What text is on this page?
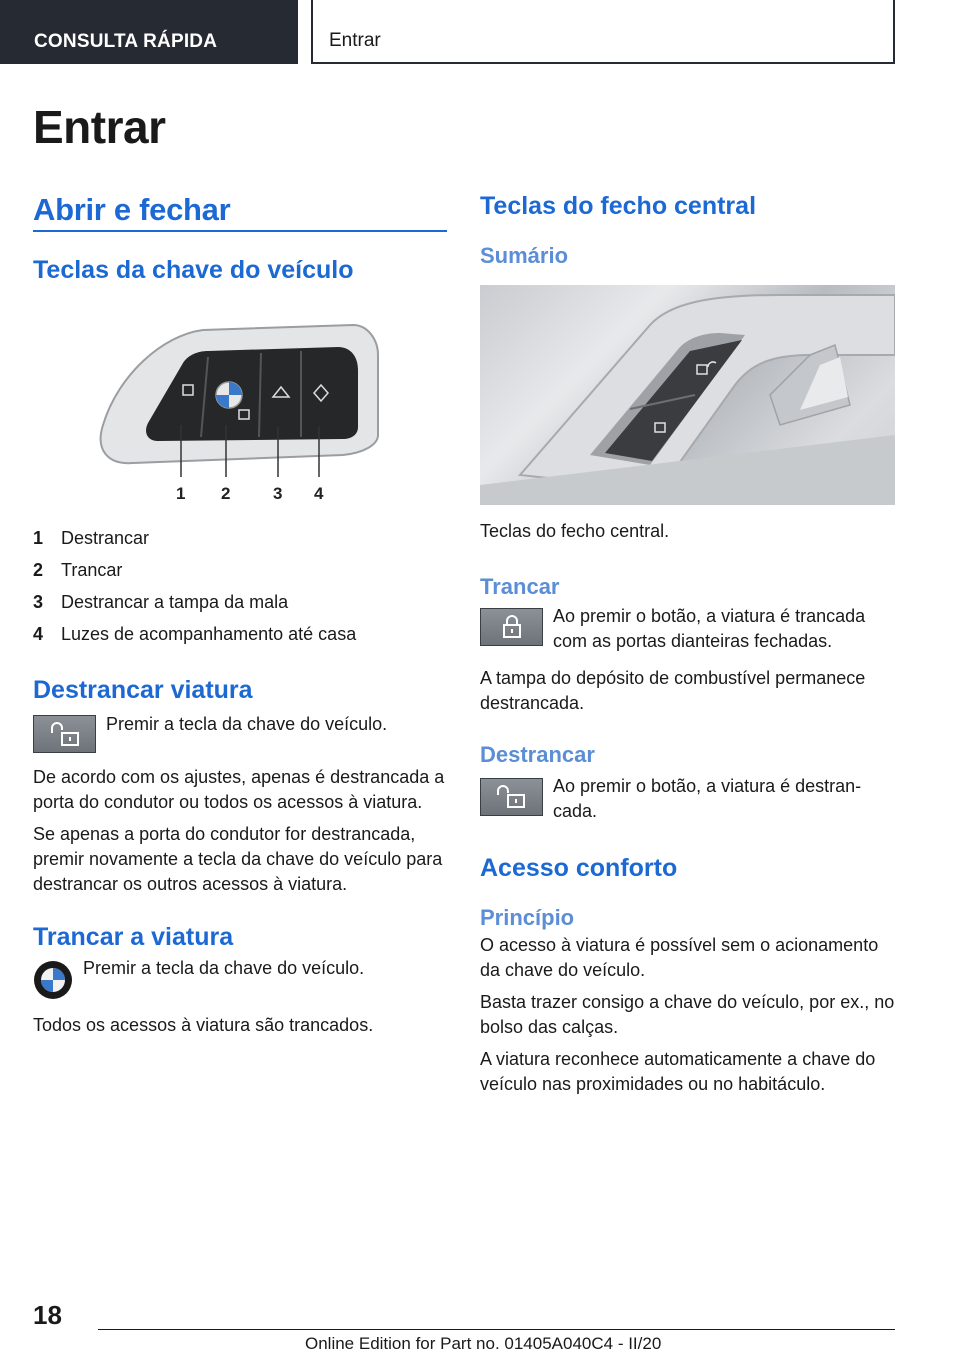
CONSULTA RÁPIDA	Entrar
Entrar
Abrir e fechar
Teclas da chave do veículo
1 2	3 4
1 Destrancar
2 Trancar
3 Destrancar a tampa da mala
4 Luzes de acompanhamento até casa
Destrancar viatura
Premir a tecla da chave do veículo.
De acordo com os ajustes, apenas é destrancada a porta do condutor ou todos os acessos à viatura.
Se apenas a porta do condutor for destrancada, premir novamente a tecla da chave do veículo para destrancar os outros acessos à viatura.
Trancar a viatura
Premir a tecla da chave do veículo.
Todos os acessos à viatura são trancados.
Teclas do fecho central
Sumário
Teclas do fecho central.
Trancar
Ao premir o botão, a viatura é trancada com as portas dianteiras fechadas.
A tampa do depósito de combustível permanece destrancada.
Destrancar
Ao premir o botão, a viatura é destrancada.
Acesso conforto
Princípio
O acesso à viatura é possível sem o acionamento da chave do veículo.
Basta trazer consigo a chave do veículo, por ex., no bolso das calças.
A viatura reconhece automaticamente a chave do veículo nas proximidades ou no habitáculo.
18
Online Edition for Part no. 01405A040C4 - II/20
